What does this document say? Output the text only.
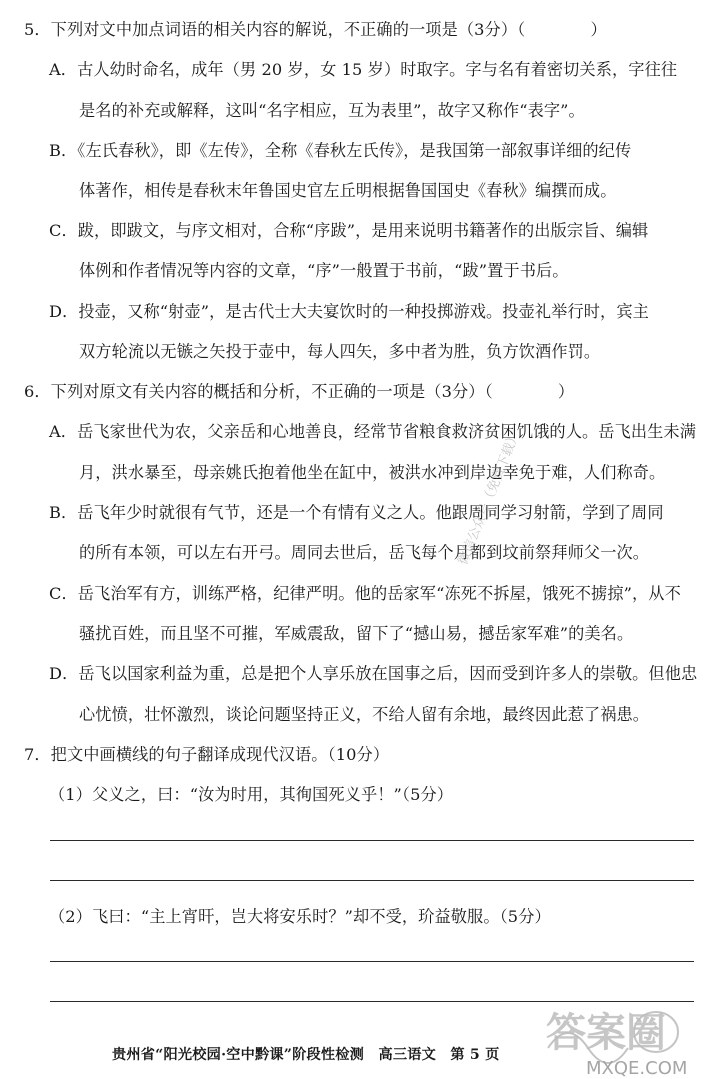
5．下列对文中加点词语的相关内容的解说，不正确的一项是（3分）（　　　　）
A．古人幼时命名，成年（男 20 岁，女 15 岁）时取字。字与名有着密切关系，字往往
是名的补充或解释，这叫“名字相应，互为表里”，故字又称作“表字”。
B．《左氏春秋》，即《左传》，全称《春秋左氏传》，是我国第一部叙事详细的纪传
体著作，相传是春秋末年鲁国史官左丘明根据鲁国国史《春秋》编撰而成。
C．跋，即跋文，与序文相对，合称“序跋”，是用来说明书籍著作的出版宗旨、编辑
体例和作者情况等内容的文章，“序”一般置于书前，“跋”置于书后。
D．投壶，又称“射壶”，是古代士大夫宴饮时的一种投掷游戏。投壶礼举行时，宾主
双方轮流以无镞之矢投于壶中，每人四矢，多中者为胜，负方饮酒作罚。
6．下列对原文有关内容的概括和分析，不正确的一项是（3分）（　　　　）
A．岳飞家世代为农，父亲岳和心地善良，经常节省粮食救济贫困饥饿的人。岳飞出生未满
月，洪水暴至，母亲姚氏抱着他坐在缸中，被洪水冲到岸边幸免于难，人们称奇。
B．岳飞年少时就很有气节，还是一个有情有义之人。他跟周同学习射箭，学到了周同
的所有本领，可以左右开弓。周同去世后，岳飞每个月都到坟前祭拜师父一次。
C．岳飞治军有方，训练严格，纪律严明。他的岳家军“冻死不拆屋，饿死不掳掠”，从不
骚扰百姓，而且坚不可摧，军威震敌，留下了“撼山易，撼岳家军难”的美名。
D．岳飞以国家利益为重，总是把个人享乐放在国事之后，因而受到许多人的崇敬。但他忠
心忧愤，壮怀激烈，谈论问题坚持正义，不给人留有余地，最终因此惹了祸患。
7．把文中画横线的句子翻译成现代汉语。（10分）
（1）父义之，曰：“汝为时用，其徇国死义乎！”（5分）
（2）飞曰：“主上宵旰，岂大将安乐时？”却不受，玠益敬服。（5分）
微信公众号（免费下载）
答案圈
MXQE.COM
贵州省“阳光校园·空中黔课”阶段性检测　高三语文　第 5 页
